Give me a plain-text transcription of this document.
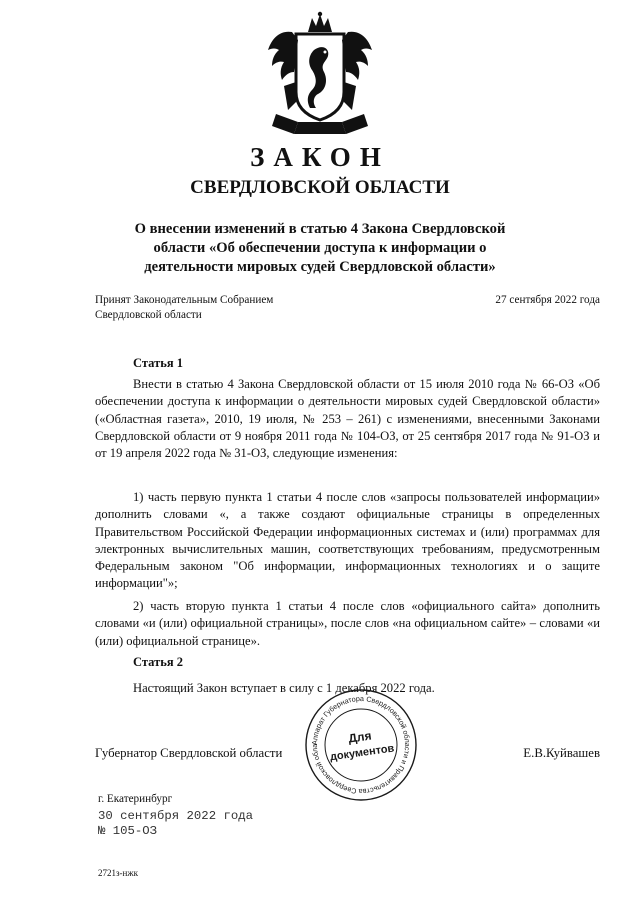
ЗАКОН
СВЕРДЛОВСКОЙ ОБЛАСТИ
О внесении изменений в статью 4 Закона Свердловской
области «Об обеспечении доступа к информации о
деятельности мировых судей Свердловской области»
Принят Законодательным Собранием
Свердловской области
27 сентября 2022 года
Статья 1
Внести в статью 4 Закона Свердловской области от 15 июля 2010 года № 66-ОЗ «Об обеспечении доступа к информации о деятельности мировых судей Свердловской области» («Областная газета», 2010, 19 июля, № 253 – 261) с изменениями, внесенными Законами Свердловской области от 9 ноября 2011 года № 104-ОЗ, от 25 сентября 2017 года № 91-ОЗ и от 19 апреля 2022 года № 31-ОЗ, следующие изменения:
1) часть первую пункта 1 статьи 4 после слов «запросы пользователей информации» дополнить словами «, а также создают официальные страницы в определенных Правительством Российской Федерации информационных системах и (или) программах для электронных вычислительных машин, соответствующих требованиям, предусмотренным Федеральным законом "Об информации, информационных технологиях и о защите информации"»;
2) часть вторую пункта 1 статьи 4 после слов «официального сайта» дополнить словами «и (или) официальной страницы», после слов «на официальном сайте» – словами «и (или) официальной странице».
Статья 2
Настоящий Закон вступает в силу с 1 декабря 2022 года.
Губернатор Свердловской области	Е.В.Куйвашев
Аппарат Губернатора Свердловской области и Правительства Свердловской обла
Для
документов
г. Екатеринбург
30 сентября 2022 года
№ 105-ОЗ
2721з-нжк
